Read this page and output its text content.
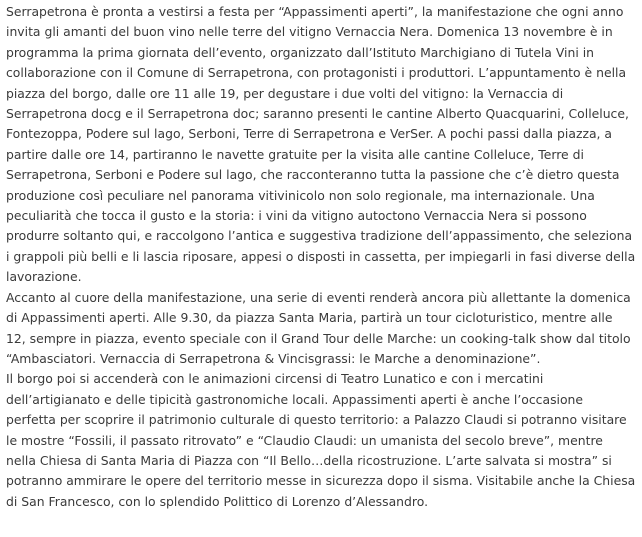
Serrapetrona è pronta a vestirsi a festa per “Appassimenti aperti”, la manifestazione che ogni anno invita gli amanti del buon vino nelle terre del vitigno Vernaccia Nera. Domenica 13 novembre è in programma la prima giornata dell’evento, organizzato dall’Istituto Marchigiano di Tutela Vini in collaborazione con il Comune di Serrapetrona, con protagonisti i produttori. L’appuntamento è nella piazza del borgo, dalle ore 11 alle 19, per degustare i due volti del vitigno: la Vernaccia di Serrapetrona docg e il Serrapetrona doc; saranno presenti le cantine Alberto Quacquarini, Colleluce, Fontezoppa, Podere sul lago, Serboni, Terre di Serrapetrona e VerSer. A pochi passi dalla piazza, a partire dalle ore 14, partiranno le navette gratuite per la visita alle cantine Colleluce, Terre di Serrapetrona, Serboni e Podere sul lago, che racconteranno tutta la passione che c’è dietro questa produzione così peculiare nel panorama vitivinicolo non solo regionale, ma internazionale. Una peculiarità che tocca il gusto e la storia: i vini da vitigno autoctono Vernaccia Nera si possono produrre soltanto qui, e raccolgono l’antica e suggestiva tradizione dell’appassimento, che seleziona i grappoli più belli e li lascia riposare, appesi o disposti in cassetta, per impiegarli in fasi diverse della lavorazione.

Accanto al cuore della manifestazione, una serie di eventi renderà ancora più allettante la domenica di Appassimenti aperti. Alle 9.30, da piazza Santa Maria, partirà un tour cicloturistico, mentre alle 12, sempre in piazza, evento speciale con il Grand Tour delle Marche: un cooking-talk show dal titolo “Ambasciatori. Vernaccia di Serrapetrona & Vincisgrassi: le Marche a denominazione”.

Il borgo poi si accenderà con le animazioni circensi di Teatro Lunatico e con i mercatini dell’artigianato e delle tipicità gastronomiche locali. Appassimenti aperti è anche l’occasione perfetta per scoprire il patrimonio culturale di questo territorio: a Palazzo Claudi si potranno visitare le mostre “Fossili, il passato ritrovato” e “Claudio Claudi: un umanista del secolo breve”, mentre nella Chiesa di Santa Maria di Piazza con “Il Bello…della ricostruzione. L’arte salvata si mostra” si potranno ammirare le opere del territorio messe in sicurezza dopo il sisma. Visitabile anche la Chiesa di San Francesco, con lo splendido Polittico di Lorenzo d’Alessandro.
